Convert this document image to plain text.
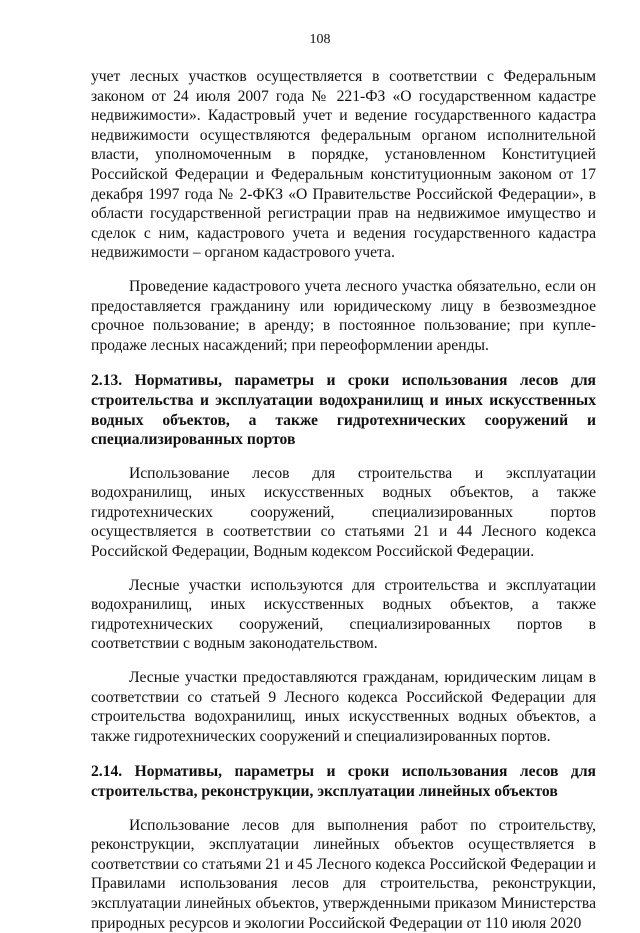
108

учет лесных участков осуществляется в соответствии с Федеральным законом от 24 июля 2007 года № 221-ФЗ «О государственном кадастре недвижимости». Кадастровый учет и ведение государственного кадастра недвижимости осуществляются федеральным органом исполнительной власти, уполномоченным в порядке, установленном Конституцией Российской Федерации и Федеральным конституционным законом от 17 декабря 1997 года № 2-ФКЗ «О Правительстве Российской Федерации», в области государственной регистрации прав на недвижимое имущество и сделок с ним, кадастрового учета и ведения государственного кадастра недвижимости – органом кадастрового учета.

Проведение кадастрового учета лесного участка обязательно, если он предоставляется гражданину или юридическому лицу в безвозмездное срочное пользование; в аренду; в постоянное пользование; при купле-продаже лесных насаждений; при переоформлении аренды.

2.13. Нормативы, параметры и сроки использования лесов для строительства и эксплуатации водохранилищ и иных искусственных водных объектов, а также гидротехнических сооружений и специализированных портов

Использование лесов для строительства и эксплуатации водохранилищ, иных искусственных водных объектов, а также гидротехнических сооружений, специализированных портов осуществляется в соответствии со статьями 21 и 44 Лесного кодекса Российской Федерации, Водным кодексом Российской Федерации.

Лесные участки используются для строительства и эксплуатации водохранилищ, иных искусственных водных объектов, а также гидротехнических сооружений, специализированных портов в соответствии с водным законодательством.

Лесные участки предоставляются гражданам, юридическим лицам в соответствии со статьей 9 Лесного кодекса Российской Федерации для строительства водохранилищ, иных искусственных водных объектов, а также гидротехнических сооружений и специализированных портов.

2.14. Нормативы, параметры и сроки использования лесов для строительства, реконструкции, эксплуатации линейных объектов

Использование лесов для выполнения работ по строительству, реконструкции, эксплуатации линейных объектов осуществляется в соответствии со статьями 21 и 45 Лесного кодекса Российской Федерации и Правилами использования лесов для строительства, реконструкции, эксплуатации линейных объектов, утвержденными приказом Министерства природных ресурсов и экологии Российской Федерации от 110 июля 2020
